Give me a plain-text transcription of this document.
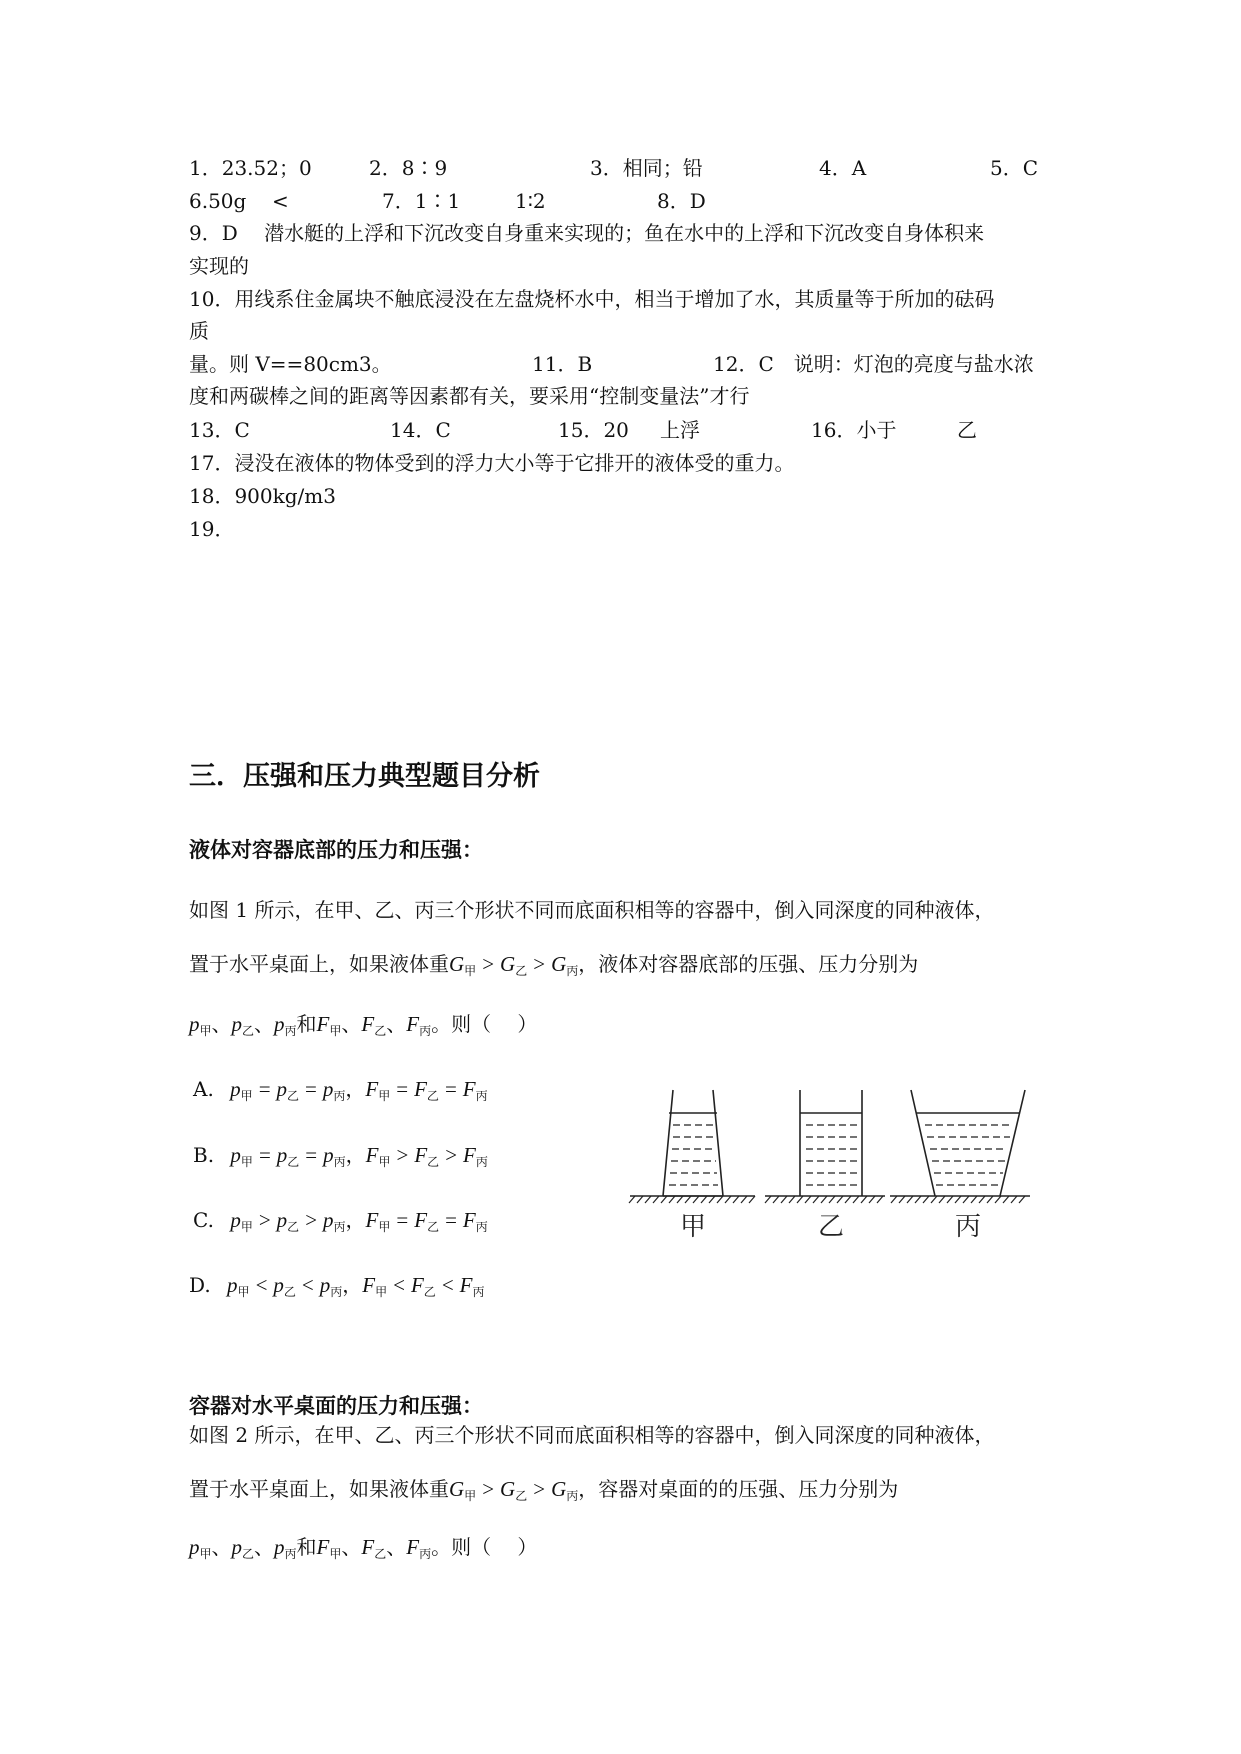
1．23.52；0	2．8∶9	3．相同；铅	4．A	5．C
6.50g <	7．1∶1	1∶2	8．D
9．D　 潜水艇的上浮和下沉改变自身重来实现的；鱼在水中的上浮和下沉改变自身体积来
实现的
10．用线系住金属块不触底浸没在左盘烧杯水中，相当于增加了水，其质量等于所加的砝码
质
量。则 V==80cm3。	11．B	12．C　说明：灯泡的亮度与盐水浓
度和两碳棒之间的距离等因素都有关，要采用“控制变量法”才行
13．C	14．C	15．20 上浮	16．小于	乙
17．浸没在液体的物体受到的浮力大小等于它排开的液体受的重力。
18．900kg/m3
19．
三．压强和压力典型题目分析
液体对容器底部的压力和压强：
如图 1 所示，在甲、乙、丙三个形状不同而底面积相等的容器中，倒入同深度的同种液体，
置于水平桌面上，如果液体重G甲 > G乙 > G丙，液体对容器底部的压强、压力分别为
p甲、p乙、p丙和F甲、F乙、F丙。则（　 ）
A. p甲 = p乙 = p丙，F甲 = F乙 = F丙
B. p甲 = p乙 = p丙，F甲 > F乙 > F丙
C. p甲 > p乙 > p丙，F甲 = F乙 = F丙
D. p甲 < p乙 < p丙，F甲 < F乙 < F丙
甲	乙	丙
容器对水平桌面的压力和压强：
如图 2 所示，在甲、乙、丙三个形状不同而底面积相等的容器中，倒入同深度的同种液体，
置于水平桌面上，如果液体重G甲 > G乙 > G丙，容器对桌面的的压强、压力分别为
p甲、p乙、p丙和F甲、F乙、F丙。则（　 ）
